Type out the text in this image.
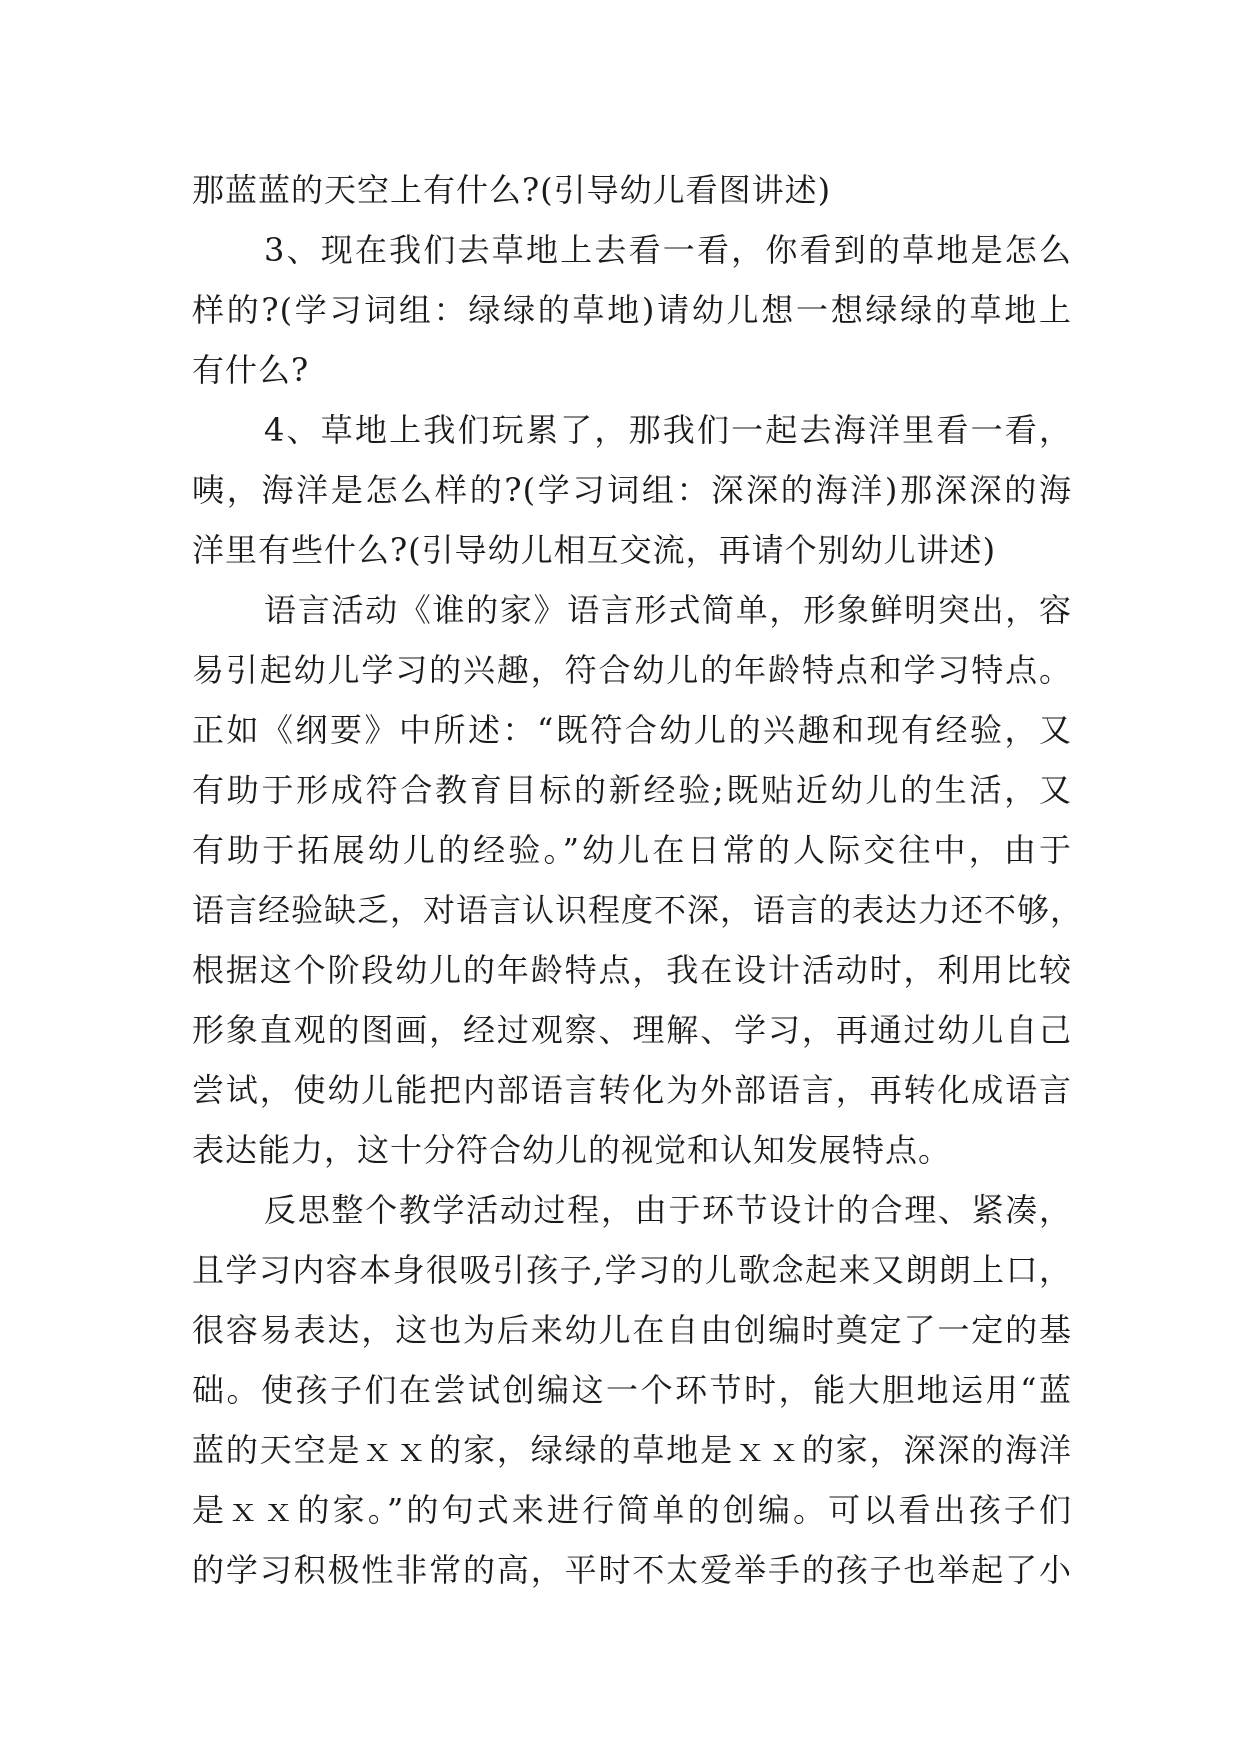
那蓝蓝的天空上有什么?(引导幼儿看图讲述)
3、现在我们去草地上去看一看，你看到的草地是怎么
样的?(学习词组：绿绿的草地)请幼儿想一想绿绿的草地上
有什么?
4、草地上我们玩累了，那我们一起去海洋里看一看，
咦，海洋是怎么样的?(学习词组：深深的海洋)那深深的海
洋里有些什么?(引导幼儿相互交流，再请个别幼儿讲述)
语言活动《谁的家》语言形式简单，形象鲜明突出，容
易引起幼儿学习的兴趣，符合幼儿的年龄特点和学习特点。
正如《纲要》中所述：“既符合幼儿的兴趣和现有经验，又
有助于形成符合教育目标的新经验;既贴近幼儿的生活，又
有助于拓展幼儿的经验。”幼儿在日常的人际交往中，由于
语言经验缺乏，对语言认识程度不深，语言的表达力还不够，
根据这个阶段幼儿的年龄特点，我在设计活动时，利用比较
形象直观的图画，经过观察、理解、学习，再通过幼儿自己
尝试，使幼儿能把内部语言转化为外部语言，再转化成语言
表达能力，这十分符合幼儿的视觉和认知发展特点。
反思整个教学活动过程，由于环节设计的合理、紧凑，
且学习内容本身很吸引孩子,学习的儿歌念起来又朗朗上口，
很容易表达，这也为后来幼儿在自由创编时奠定了一定的基
础。使孩子们在尝试创编这一个环节时，能大胆地运用“蓝
蓝的天空是ｘｘ的家，绿绿的草地是ｘｘ的家，深深的海洋
是ｘｘ的家。”的句式来进行简单的创编。可以看出孩子们
的学习积极性非常的高，平时不太爱举手的孩子也举起了小
